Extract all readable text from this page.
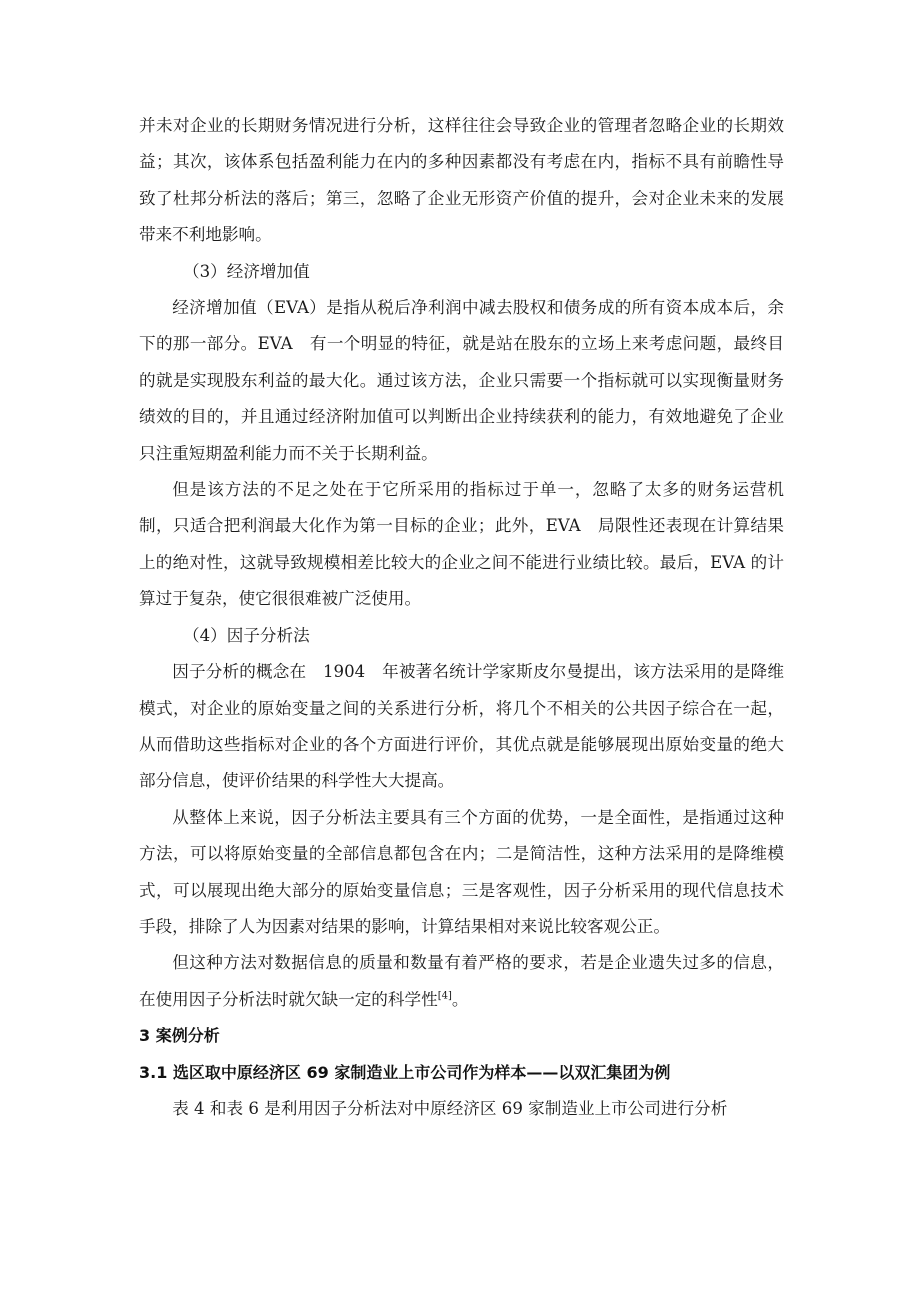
并未对企业的长期财务情况进行分析，这样往往会导致企业的管理者忽略企业的长期效益；其次，该体系包括盈利能力在内的多种因素都没有考虑在内，指标不具有前瞻性导致了杜邦分析法的落后；第三，忽略了企业无形资产价值的提升，会对企业未来的发展带来不利地影响。

（3）经济增加值

经济增加值（EVA）是指从税后净利润中减去股权和债务成的所有资本成本后，余下的那一部分。EVA　有一个明显的特征，就是站在股东的立场上来考虑问题，最终目的就是实现股东利益的最大化。通过该方法，企业只需要一个指标就可以实现衡量财务绩效的目的，并且通过经济附加值可以判断出企业持续获利的能力，有效地避免了企业只注重短期盈利能力而不关于长期利益。

但是该方法的不足之处在于它所采用的指标过于单一，忽略了太多的财务运营机制，只适合把利润最大化作为第一目标的企业；此外，EVA　局限性还表现在计算结果上的绝对性，这就导致规模相差比较大的企业之间不能进行业绩比较。最后，EVA 的计算过于复杂，使它很很难被广泛使用。

（4）因子分析法

因子分析的概念在　1904　年被著名统计学家斯皮尔曼提出，该方法采用的是降维模式，对企业的原始变量之间的关系进行分析，将几个不相关的公共因子综合在一起，从而借助这些指标对企业的各个方面进行评价，其优点就是能够展现出原始变量的绝大部分信息，使评价结果的科学性大大提高。

从整体上来说，因子分析法主要具有三个方面的优势，一是全面性，是指通过这种方法，可以将原始变量的全部信息都包含在内；二是简洁性，这种方法采用的是降维模式，可以展现出绝大部分的原始变量信息；三是客观性，因子分析采用的现代信息技术手段，排除了人为因素对结果的影响，计算结果相对来说比较客观公正。

但这种方法对数据信息的质量和数量有着严格的要求，若是企业遗失过多的信息，在使用因子分析法时就欠缺一定的科学性[4]。

3 案例分析

3.1 选区取中原经济区 69 家制造业上市公司作为样本——以双汇集团为例

表 4 和表 6 是利用因子分析法对中原经济区 69 家制造业上市公司进行分析
